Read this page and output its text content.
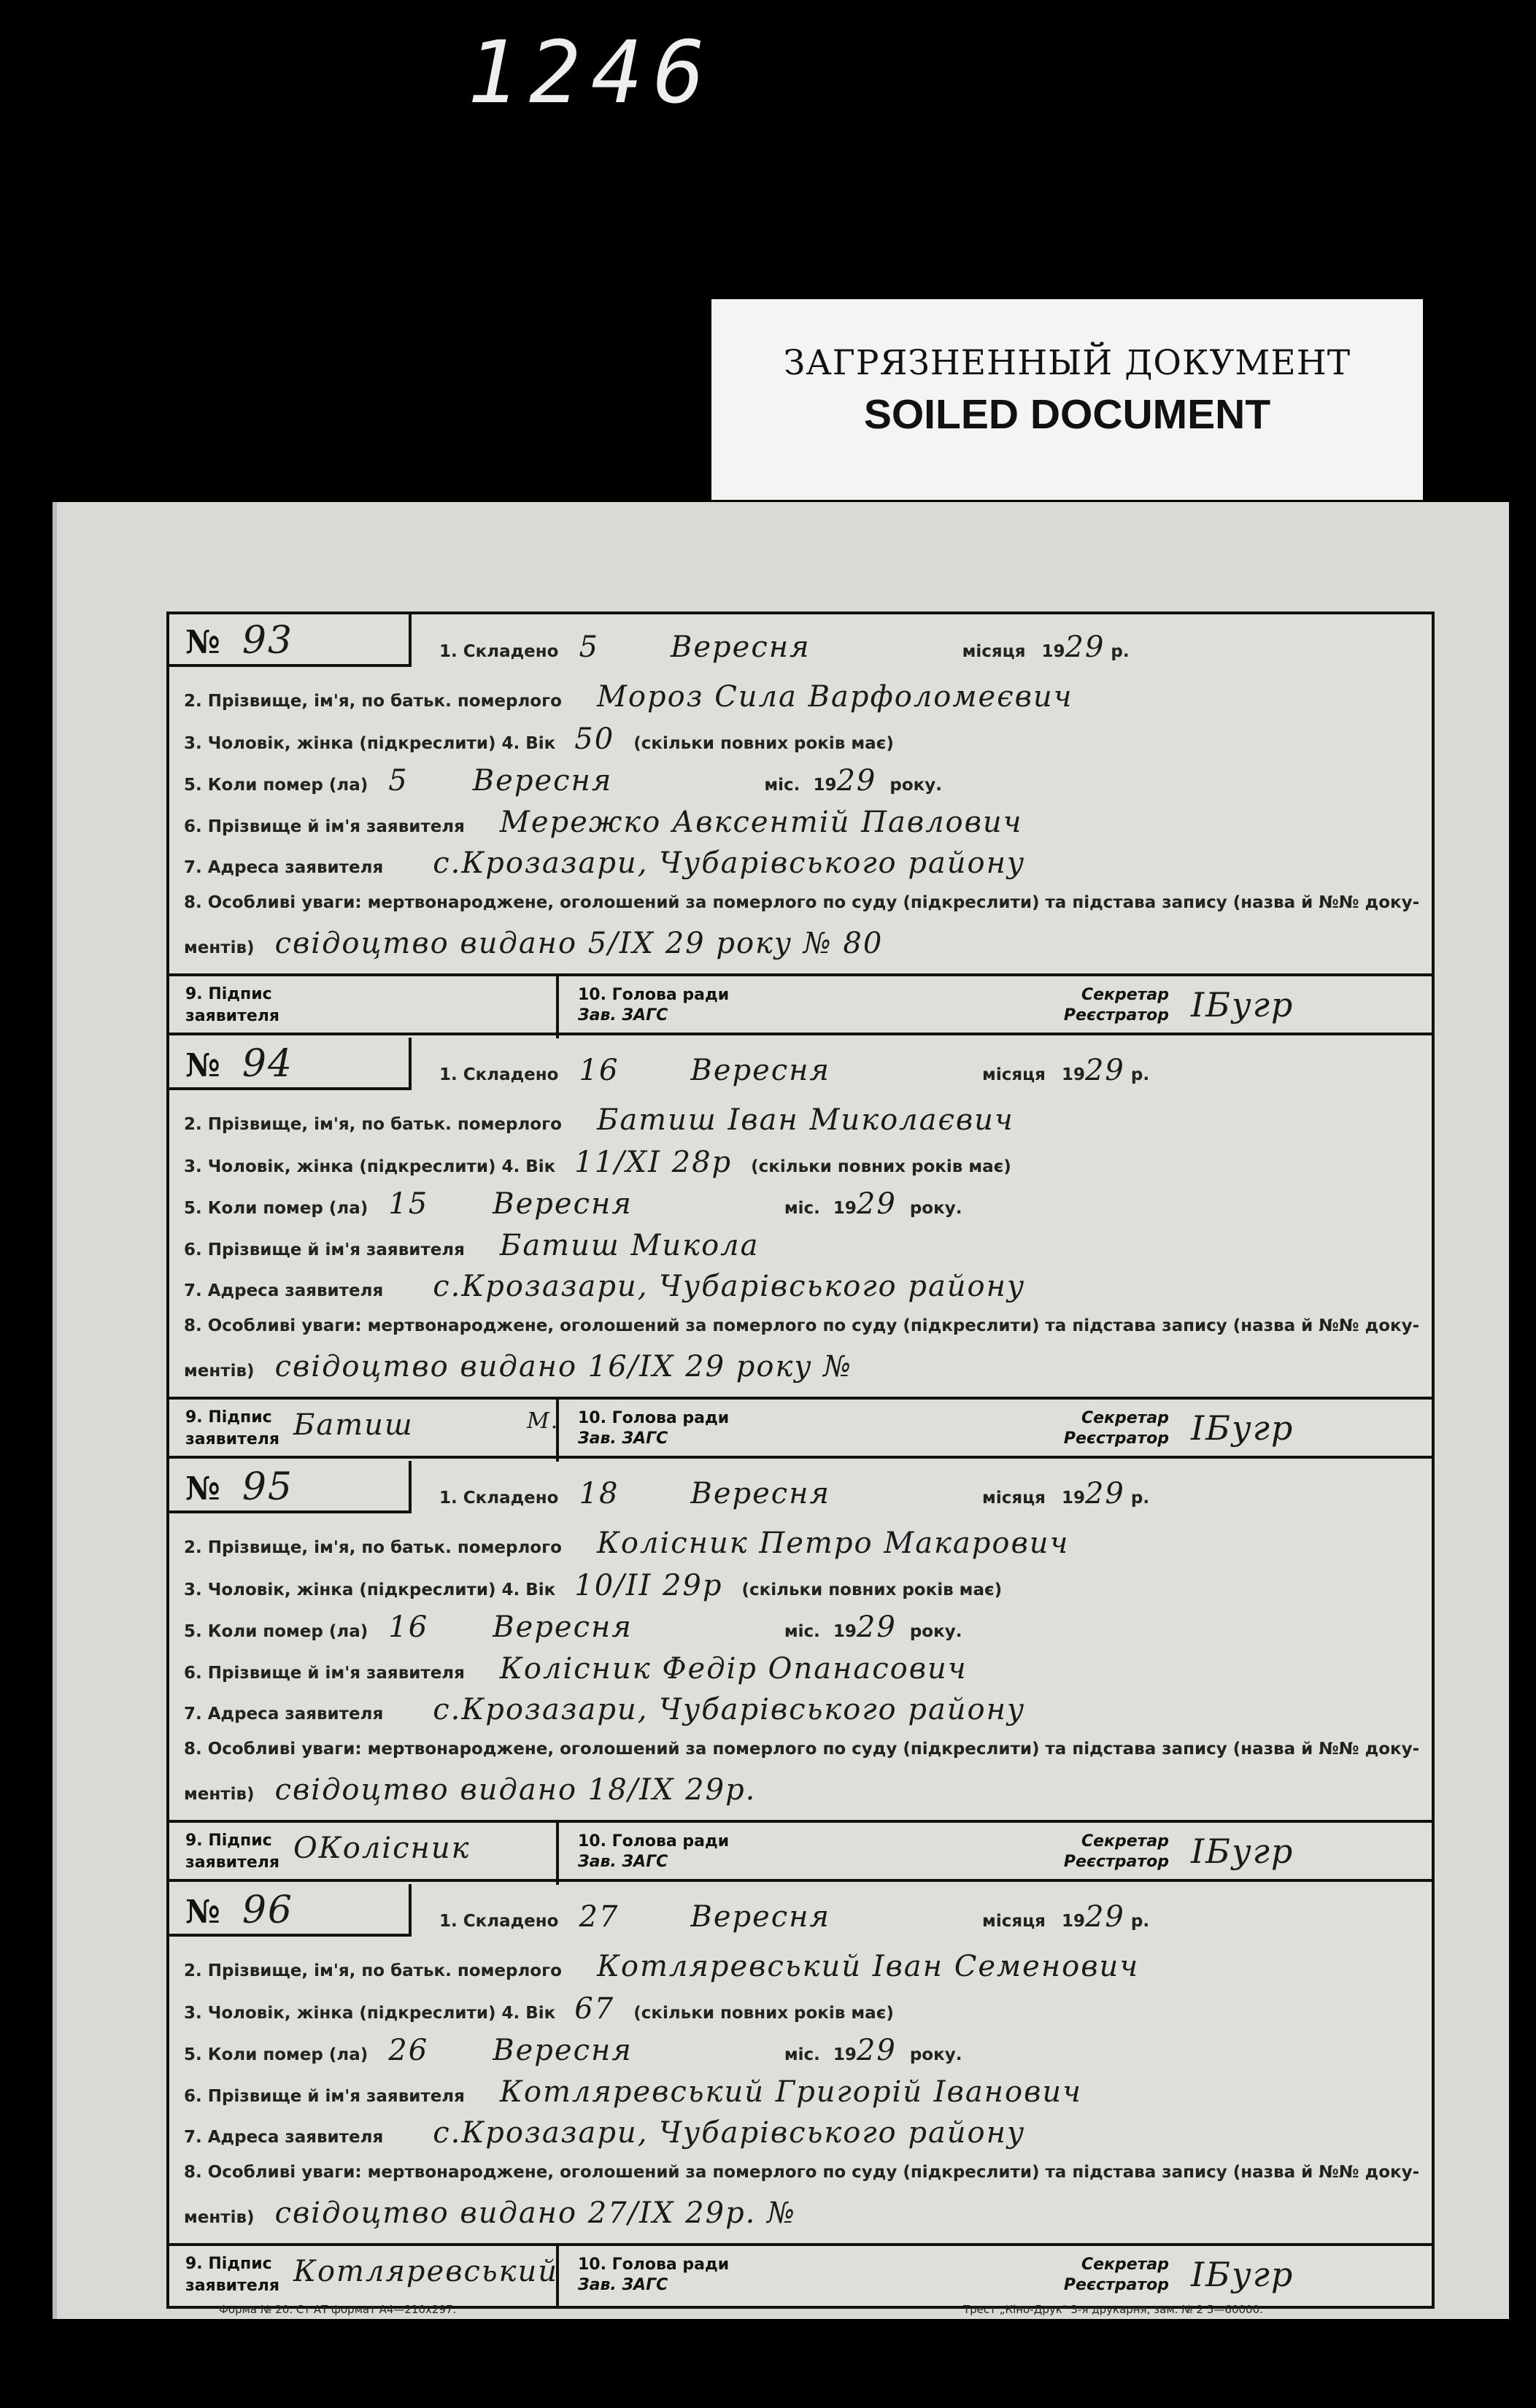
1246
ЗАГРЯЗНЕННЫЙ ДОКУМЕНТ
SOILED DOCUMENT
№ 93	1. Складено 5 Вересня	місяця 1929 р.
2. Прізвище, ім'я, по батьк. померлого Мороз Сила Варфоломеєвич
3. Чоловік, жінка (підкреслити) 4. Вік 50 (скільки повних років має)
5. Коли помер (ла) 5 Вересня	міс. 1929 року.
6. Прізвище й ім'я заявителя Мережко Авксентій Павлович
7. Адреса заявителя с.Крозазари, Чубарівського району
8. Особливі уваги: мертвонароджене, оголошений за померлого по суду (підкреслити) та підстава запису (назва й №№ доку-
ментів) свідоцтво видано 5/ІХ 29 року № 80
9. Підпис
заявителя
10. Голова ради
Зав. ЗАГС
Секретар
Реєстратор ІБугр
№ 94	1. Складено 16 Вересня	місяця 1929 р.
2. Прізвище, ім'я, по батьк. померлого Батиш Іван Миколаєвич
3. Чоловік, жінка (підкреслити) 4. Вік 11/ХІ 28р (скільки повних років має)
5. Коли помер (ла) 15 Вересня	міс. 1929 року.
6. Прізвище й ім'я заявителя Батиш Микола
7. Адреса заявителя с.Крозазари, Чубарівського району
8. Особливі уваги: мертвонароджене, оголошений за померлого по суду (підкреслити) та підстава запису (назва й №№ доку-
ментів) свідоцтво видано 16/ІХ 29 року №
9. Підпис
заявителя Батиш	М. 10. Голова ради
Зав. ЗАГС
Секретар
Реєстратор ІБугр
№ 95	1. Складено 18 Вересня	місяця 1929 р.
2. Прізвище, ім'я, по батьк. померлого Колісник Петро Макарович
3. Чоловік, жінка (підкреслити) 4. Вік 10/ІІ 29р (скільки повних років має)
5. Коли помер (ла) 16 Вересня	міс. 1929 року.
6. Прізвище й ім'я заявителя Колісник Федір Опанасович
7. Адреса заявителя с.Крозазари, Чубарівського району
8. Особливі уваги: мертвонароджене, оголошений за померлого по суду (підкреслити) та підстава запису (назва й №№ доку-
ментів) свідоцтво видано 18/ІХ 29р.
9. Підпис
заявителя ОКолісник	10. Голова ради
Зав. ЗАГС
Секретар
Реєстратор ІБугр
№ 96	1. Складено 27 Вересня	місяця 1929 р.
2. Прізвище, ім'я, по батьк. померлого Котляревський Іван Семенович
3. Чоловік, жінка (підкреслити) 4. Вік 67 (скільки повних років має)
5. Коли помер (ла) 26 Вересня	міс. 1929 року.
6. Прізвище й ім'я заявителя Котляревський Григорій Іванович
7. Адреса заявителя с.Крозазари, Чубарівського району
8. Особливі уваги: мертвонароджене, оголошений за померлого по суду (підкреслити) та підстава запису (назва й №№ доку-
ментів) свідоцтво видано 27/ІХ 29р. №
9. Підпис
заявителя Котляревський 10. Голова ради
Зав. ЗАГС
Секретар
Реєстратор ІБугр
Форма № 20. Ст АТ формат А4—210х297.	Трест „Кіно-Друк" 3-я друкарня, зам. № 2 5—60000.
